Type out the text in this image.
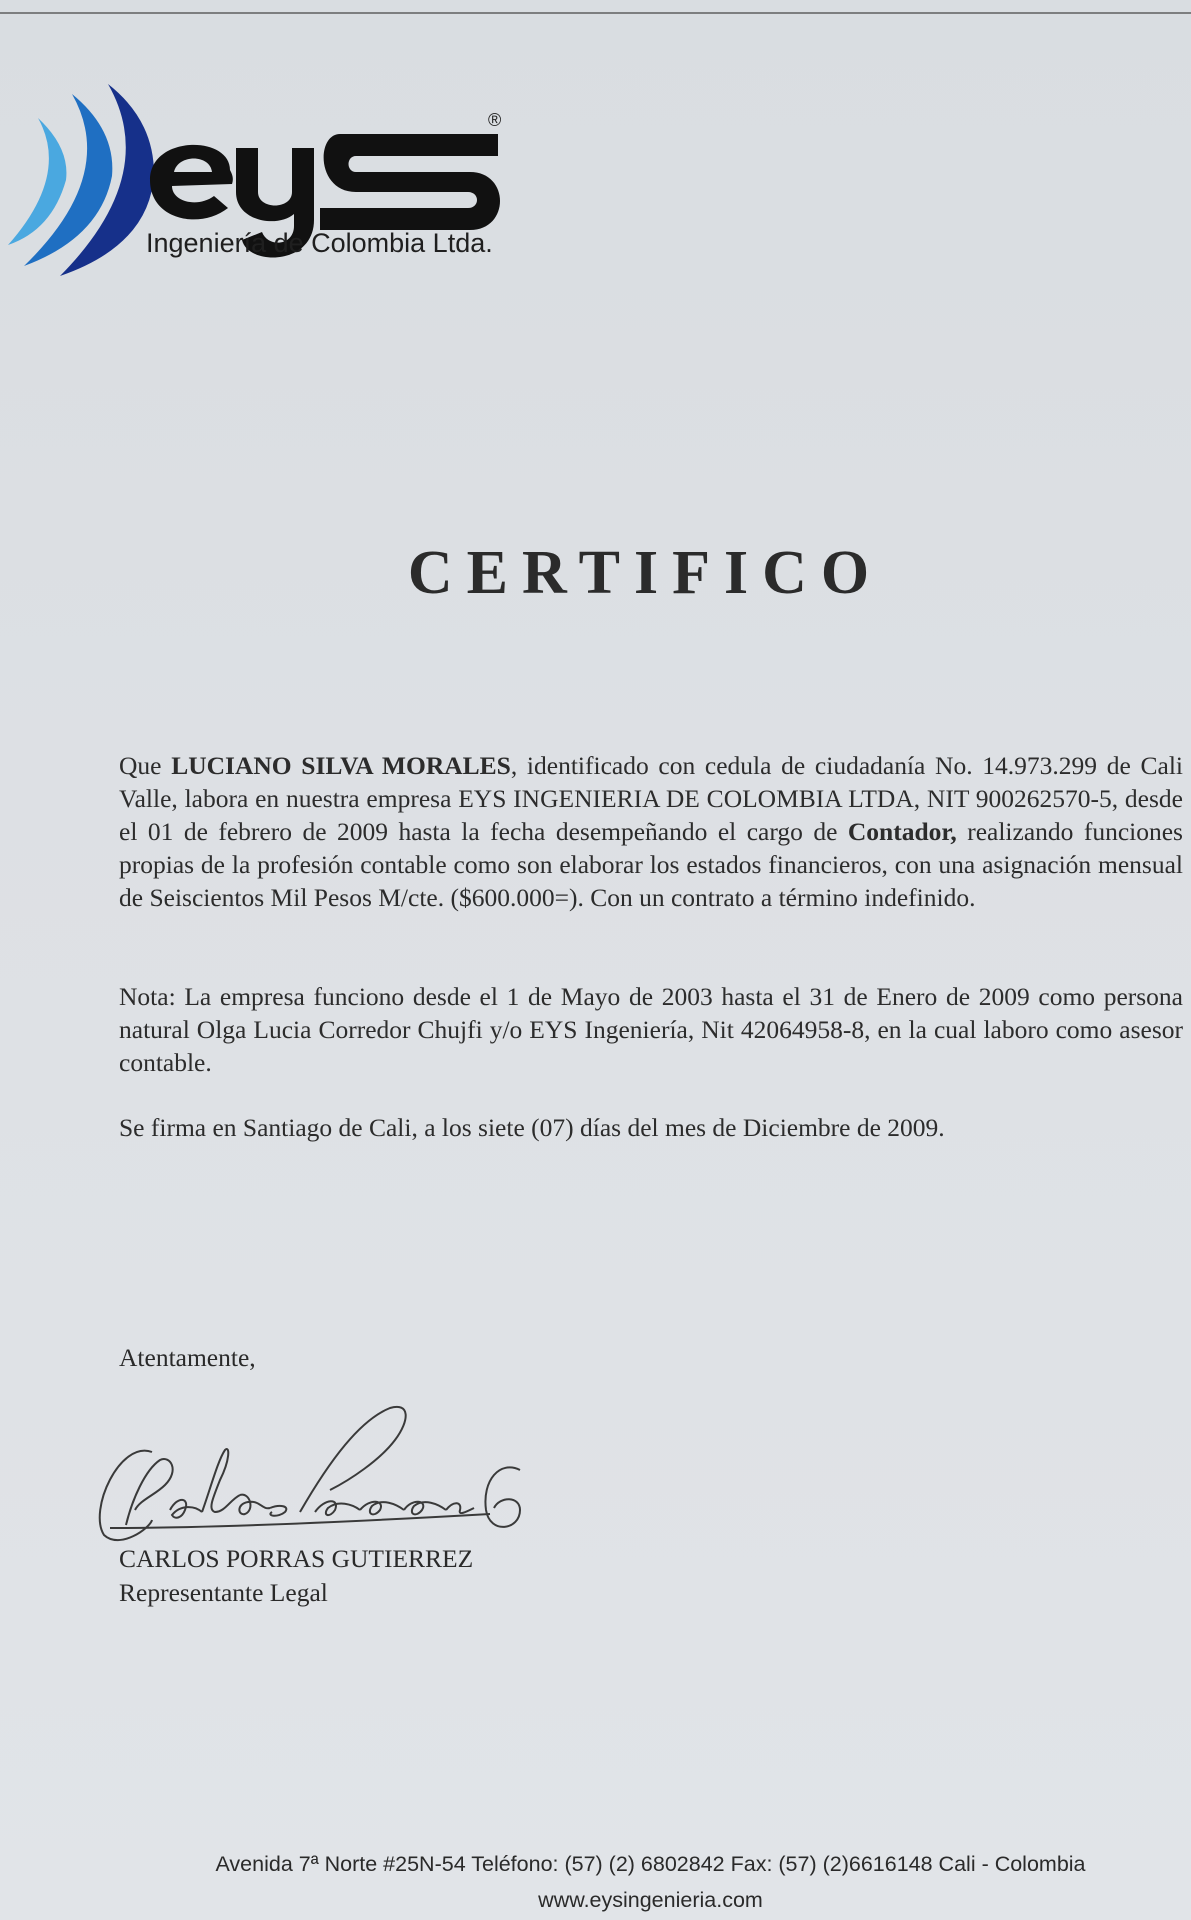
®
Ingeniería de Colombia Ltda.
CERTIFICO
Que LUCIANO SILVA MORALES, identificado con cedula de ciudadanía No. 14.973.299 de Cali Valle, labora en nuestra empresa EYS INGENIERIA DE COLOMBIA LTDA, NIT 900262570-5, desde el 01 de febrero de 2009 hasta la fecha desempeñando el cargo de Contador, realizando funciones propias de la profesión contable como son elaborar los estados financieros, con una asignación mensual de Seiscientos Mil Pesos M/cte. ($600.000=). Con un contrato a término indefinido.
Nota: La empresa funciono desde el 1 de Mayo de 2003 hasta el 31 de Enero de 2009 como persona natural Olga Lucia Corredor Chujfi y/o EYS Ingeniería, Nit 42064958-8, en la cual laboro como asesor contable.
Se firma en Santiago de Cali, a los siete (07) días del mes de Diciembre de 2009.
Atentamente,
CARLOS PORRAS GUTIERREZ
Representante Legal
Avenida 7ª Norte #25N-54 Teléfono: (57) (2) 6802842 Fax: (57) (2)6616148 Cali - Colombia
www.eysingenieria.com
